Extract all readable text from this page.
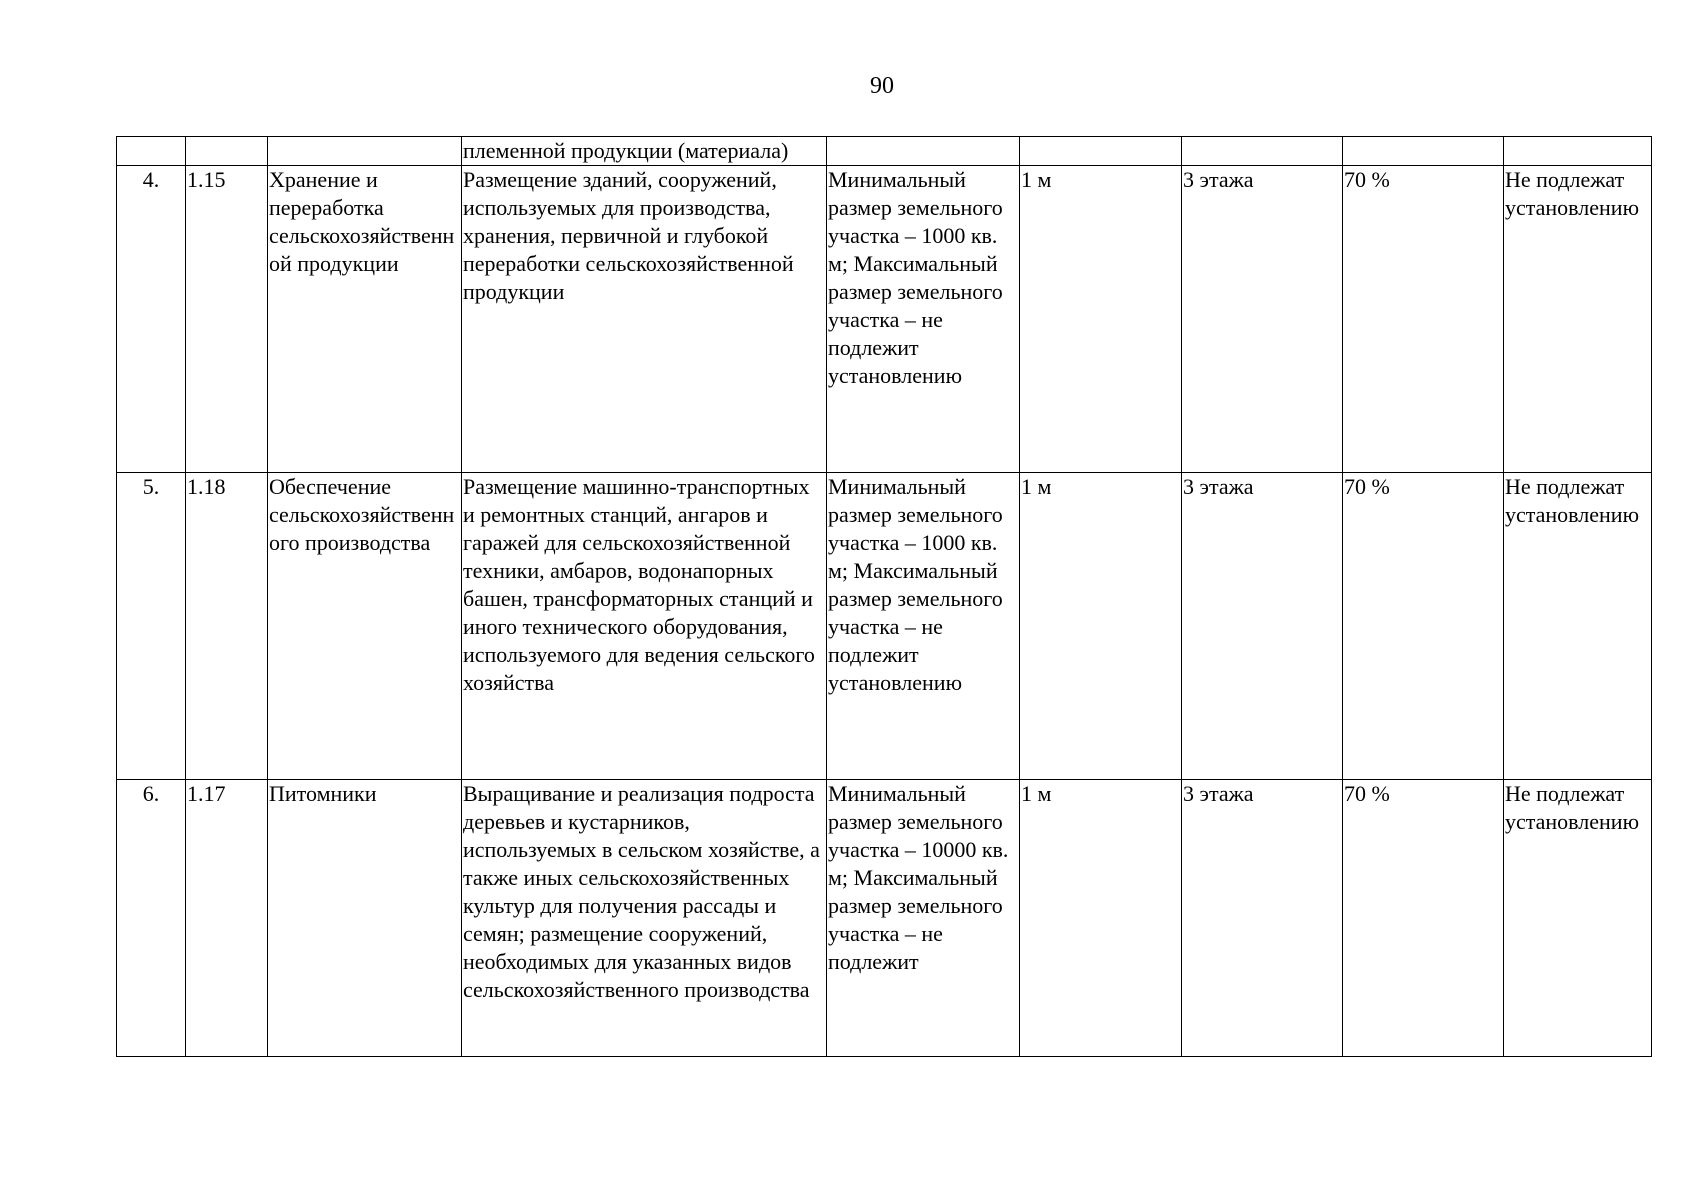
90
			племенной продукции (материала)					
4.	1.15	Хранение и переработка сельскохозяйственной продукции	Размещение зданий, сооружений, используемых для производства, хранения, первичной и глубокой переработки сельскохозяйственной продукции	Минимальный размер земельного участка – 1000 кв. м; Максимальный размер земельного участка – не подлежит установлению	1 м	3 этажа	70 %	Не подлежат установлению
5.	1.18	Обеспечение сельскохозяйственного производства	Размещение машинно-транспортных и ремонтных станций, ангаров и гаражей для сельскохозяйственной техники, амбаров, водонапорных башен, трансформаторных станций и иного технического оборудования, используемого для ведения сельского хозяйства	Минимальный размер земельного участка – 1000 кв. м; Максимальный размер земельного участка – не подлежит установлению	1 м	3 этажа	70 %	Не подлежат установлению
6.	1.17	Питомники	Выращивание и реализация подроста деревьев и кустарников, используемых в сельском хозяйстве, а также иных сельскохозяйственных культур для получения рассады и семян; размещение сооружений, необходимых для указанных видов сельскохозяйственного производства	Минимальный размер земельного участка – 10000 кв. м; Максимальный размер земельного участка – не подлежит	1 м	3 этажа	70 %	Не подлежат установлению
